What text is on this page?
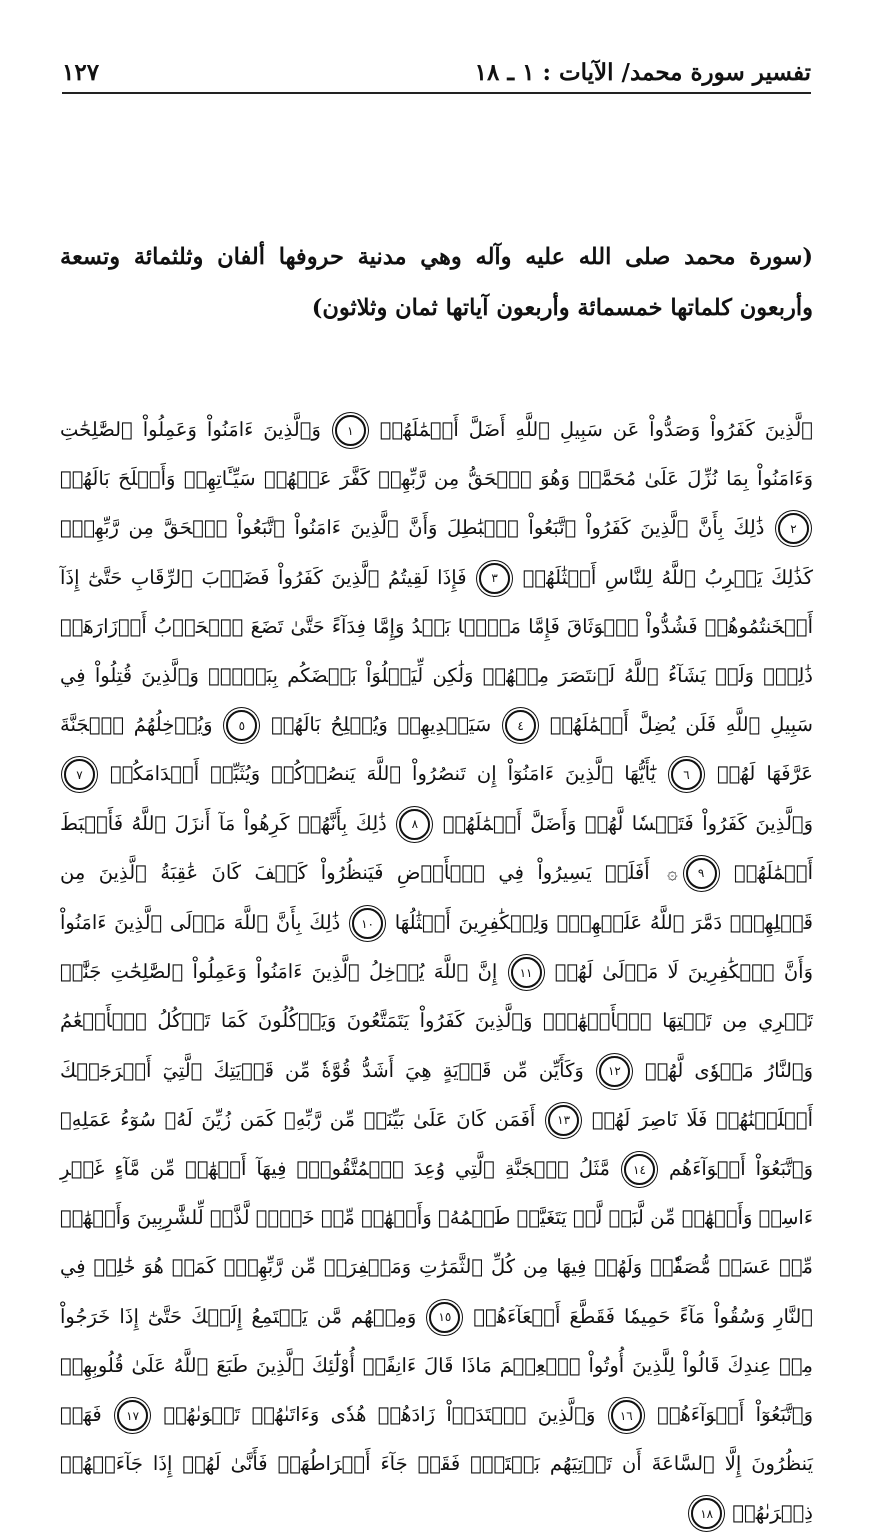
تفسير سورة محمد/ الآيات : ١ ـ ١٨
١٢٧
(سورة محمد صلى الله عليه وآله وهي مدنية حروفها ألفان وثلثمائة وتسعة وأربعون كلماتها خمسمائة وأربعون آياتها ثمان وثلاثون)
ٱلَّذِينَ كَفَرُواْ وَصَدُّواْ عَن سَبِيلِ ٱللَّهِ أَضَلَّ أَعۡمَٰلَهُمۡ ١ وَٱلَّذِينَ ءَامَنُواْ وَعَمِلُواْ ٱلصَّٰلِحَٰتِ وَءَامَنُواْ بِمَا نُزِّلَ عَلَىٰ مُحَمَّدٖ وَهُوَ ٱلۡحَقُّ مِن رَّبِّهِمۡ كَفَّرَ عَنۡهُمۡ سَيِّـَٔاتِهِمۡ وَأَصۡلَحَ بَالَهُمۡ ٢ ذَٰلِكَ بِأَنَّ ٱلَّذِينَ كَفَرُواْ ٱتَّبَعُواْ ٱلۡبَٰطِلَ وَأَنَّ ٱلَّذِينَ ءَامَنُواْ ٱتَّبَعُواْ ٱلۡحَقَّ مِن رَّبِّهِمۡۚ كَذَٰلِكَ يَضۡرِبُ ٱللَّهُ لِلنَّاسِ أَمۡثَٰلَهُمۡ ٣ فَإِذَا لَقِيتُمُ ٱلَّذِينَ كَفَرُواْ فَضَرۡبَ ٱلرِّقَابِ حَتَّىٰٓ إِذَآ أَثۡخَنتُمُوهُمۡ فَشُدُّواْ ٱلۡوَثَاقَ فَإِمَّا مَنَّۢا بَعۡدُ وَإِمَّا فِدَآءً حَتَّىٰ تَضَعَ ٱلۡحَرۡبُ أَوۡزَارَهَاۚ ذَٰلِكَۖ وَلَوۡ يَشَآءُ ٱللَّهُ لَٱنتَصَرَ مِنۡهُمۡ وَلَٰكِن لِّيَبۡلُوَاْ بَعۡضَكُم بِبَعۡضٖۗ وَٱلَّذِينَ قُتِلُواْ فِي سَبِيلِ ٱللَّهِ فَلَن يُضِلَّ أَعۡمَٰلَهُمۡ ٤ سَيَهۡدِيهِمۡ وَيُصۡلِحُ بَالَهُمۡ ٥ وَيُدۡخِلُهُمُ ٱلۡجَنَّةَ عَرَّفَهَا لَهُمۡ ٦ يَٰٓأَيُّهَا ٱلَّذِينَ ءَامَنُوٓاْ إِن تَنصُرُواْ ٱللَّهَ يَنصُرۡكُمۡ وَيُثَبِّتۡ أَقۡدَامَكُمۡ ٧ وَٱلَّذِينَ كَفَرُواْ فَتَعۡسٗا لَّهُمۡ وَأَضَلَّ أَعۡمَٰلَهُمۡ ٨ ذَٰلِكَ بِأَنَّهُمۡ كَرِهُواْ مَآ أَنزَلَ ٱللَّهُ فَأَحۡبَطَ أَعۡمَٰلَهُمۡ ٩۞ أَفَلَمۡ يَسِيرُواْ فِي ٱلۡأَرۡضِ فَيَنظُرُواْ كَيۡفَ كَانَ عَٰقِبَةُ ٱلَّذِينَ مِن قَبۡلِهِمۡۖ دَمَّرَ ٱللَّهُ عَلَيۡهِمۡۖ وَلِلۡكَٰفِرِينَ أَمۡثَٰلُهَا ١٠ ذَٰلِكَ بِأَنَّ ٱللَّهَ مَوۡلَى ٱلَّذِينَ ءَامَنُواْ وَأَنَّ ٱلۡكَٰفِرِينَ لَا مَوۡلَىٰ لَهُمۡ ١١ إِنَّ ٱللَّهَ يُدۡخِلُ ٱلَّذِينَ ءَامَنُواْ وَعَمِلُواْ ٱلصَّٰلِحَٰتِ جَنَّٰتٖ تَجۡرِي مِن تَحۡتِهَا ٱلۡأَنۡهَٰرُۖ وَٱلَّذِينَ كَفَرُواْ يَتَمَتَّعُونَ وَيَأۡكُلُونَ كَمَا تَأۡكُلُ ٱلۡأَنۡعَٰمُ وَٱلنَّارُ مَثۡوٗى لَّهُمۡ ١٢ وَكَأَيِّن مِّن قَرۡيَةٍ هِيَ أَشَدُّ قُوَّةٗ مِّن قَرۡيَتِكَ ٱلَّتِيٓ أَخۡرَجَتۡكَ أَهۡلَكۡنَٰهُمۡ فَلَا نَاصِرَ لَهُمۡ ١٣ أَفَمَن كَانَ عَلَىٰ بَيِّنَةٖ مِّن رَّبِّهِۦ كَمَن زُيِّنَ لَهُۥ سُوٓءُ عَمَلِهِۦ وَٱتَّبَعُوٓاْ أَهۡوَآءَهُم ١٤ مَّثَلُ ٱلۡجَنَّةِ ٱلَّتِي وُعِدَ ٱلۡمُتَّقُونَۖ فِيهَآ أَنۡهَٰرٞ مِّن مَّآءٍ غَيۡرِ ءَاسِنٖ وَأَنۡهَٰرٞ مِّن لَّبَنٖ لَّمۡ يَتَغَيَّرۡ طَعۡمُهُۥ وَأَنۡهَٰرٞ مِّنۡ خَمۡرٖ لَّذَّةٖ لِّلشَّٰرِبِينَ وَأَنۡهَٰرٞ مِّنۡ عَسَلٖ مُّصَفّٗىۖ وَلَهُمۡ فِيهَا مِن كُلِّ ٱلثَّمَرَٰتِ وَمَغۡفِرَةٞ مِّن رَّبِّهِمۡۖ كَمَنۡ هُوَ خَٰلِدٞ فِي ٱلنَّارِ وَسُقُواْ مَآءً حَمِيمٗا فَقَطَّعَ أَمۡعَآءَهُمۡ ١٥ وَمِنۡهُم مَّن يَسۡتَمِعُ إِلَيۡكَ حَتَّىٰٓ إِذَا خَرَجُواْ مِنۡ عِندِكَ قَالُواْ لِلَّذِينَ أُوتُواْ ٱلۡعِلۡمَ مَاذَا قَالَ ءَانِفًاۚ أُوْلَٰٓئِكَ ٱلَّذِينَ طَبَعَ ٱللَّهُ عَلَىٰ قُلُوبِهِمۡ وَٱتَّبَعُوٓاْ أَهۡوَآءَهُمۡ ١٦ وَٱلَّذِينَ ٱهۡتَدَوۡاْ زَادَهُمۡ هُدٗى وَءَاتَىٰهُمۡ تَقۡوَىٰهُمۡ ١٧ فَهَلۡ يَنظُرُونَ إِلَّا ٱلسَّاعَةَ أَن تَأۡتِيَهُم بَغۡتَةٗۖ فَقَدۡ جَآءَ أَشۡرَاطُهَاۚ فَأَنَّىٰ لَهُمۡ إِذَا جَآءَتۡهُمۡ ذِكۡرَىٰهُمۡ ١٨
